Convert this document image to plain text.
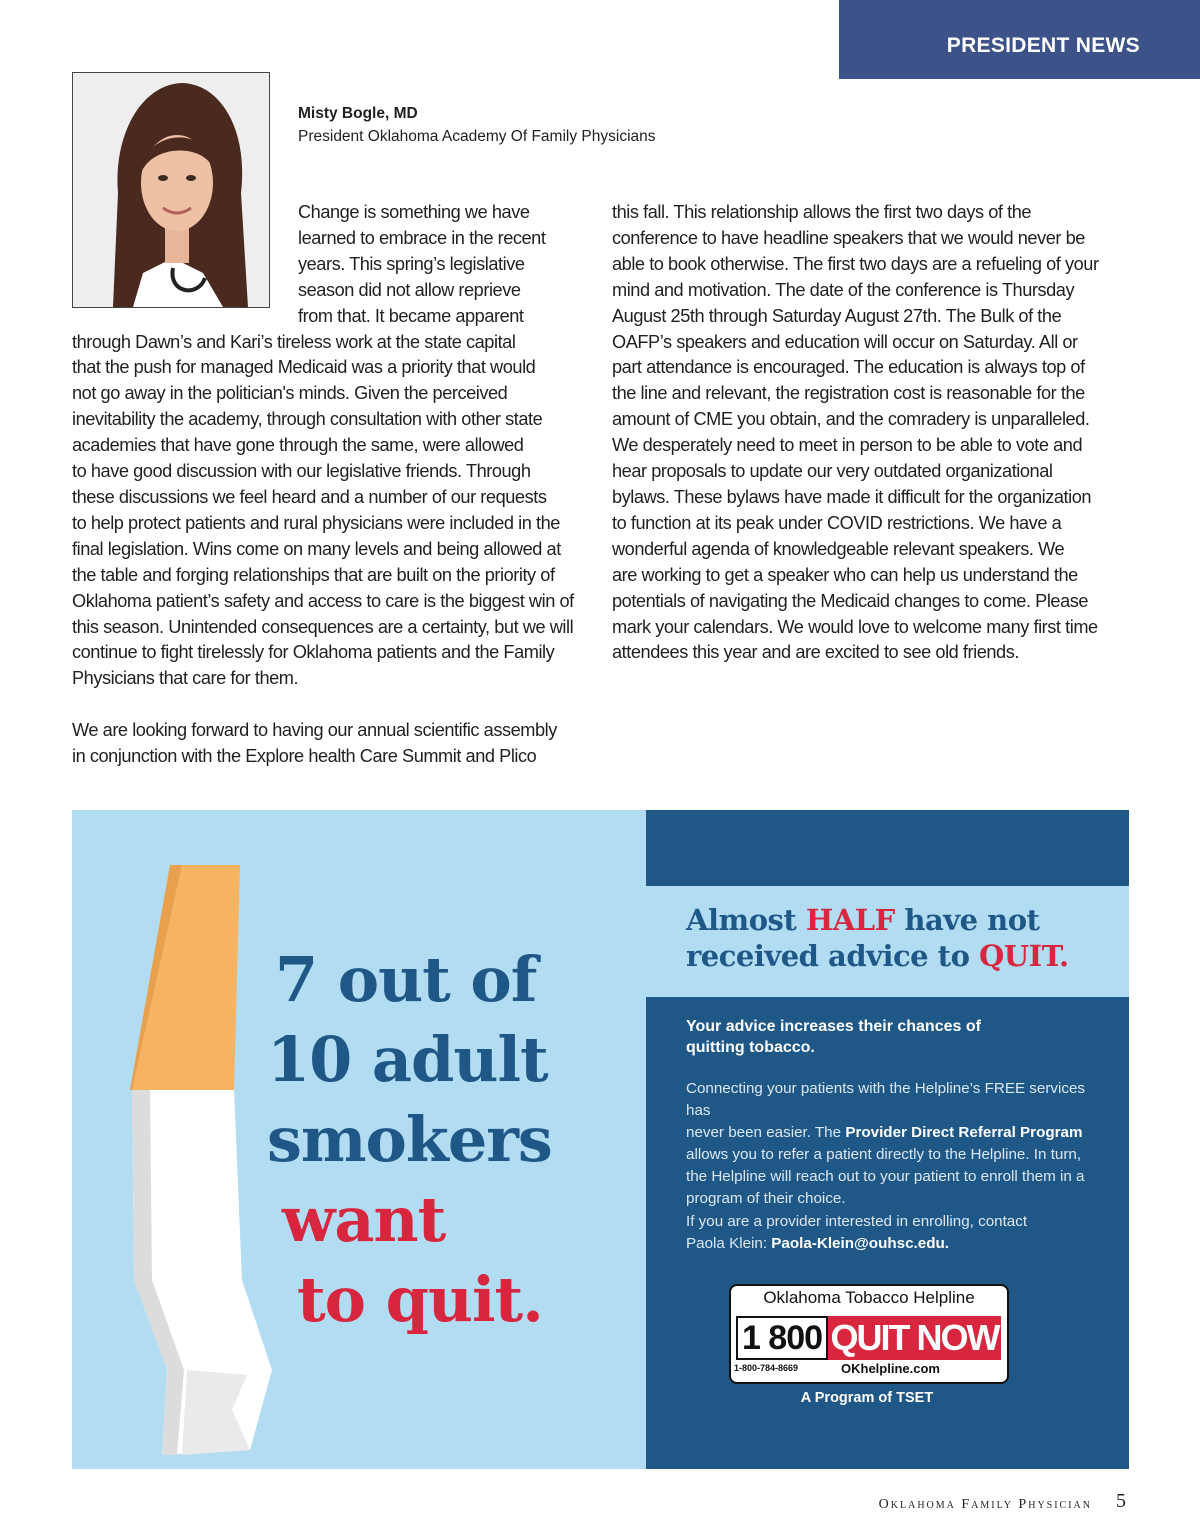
PRESIDENT NEWS
Misty Bogle, MD
President Oklahoma Academy Of Family Physicians
Change is something we have
learned to embrace in the recent
years. This spring’s legislative
season did not allow reprieve
from that. It became apparent
through Dawn’s and Kari’s tireless work at the state capital
that the push for managed Medicaid was a priority that would
not go away in the politician's minds. Given the perceived
inevitability the academy, through consultation with other state
academies that have gone through the same, were allowed
to have good discussion with our legislative friends. Through
these discussions we feel heard and a number of our requests
to help protect patients and rural physicians were included in the
final legislation. Wins come on many levels and being allowed at
the table and forging relationships that are built on the priority of
Oklahoma patient’s safety and access to care is the biggest win of
this season. Unintended consequences are a certainty, but we will
continue to fight tirelessly for Oklahoma patients and the Family
Physicians that care for them.
We are looking forward to having our annual scientific assembly
in conjunction with the Explore health Care Summit and Plico
this fall. This relationship allows the first two days of the
conference to have headline speakers that we would never be
able to book otherwise. The first two days are a refueling of your
mind and motivation. The date of the conference is Thursday
August 25th through Saturday August 27th. The Bulk of the
OAFP’s speakers and education will occur on Saturday. All or
part attendance is encouraged. The education is always top of
the line and relevant, the registration cost is reasonable for the
amount of CME you obtain, and the comradery is unparalleled.
We desperately need to meet in person to be able to vote and
hear proposals to update our very outdated organizational
bylaws. These bylaws have made it difficult for the organization
to function at its peak under COVID restrictions. We have a
wonderful agenda of knowledgeable relevant speakers. We
are working to get a speaker who can help us understand the
potentials of navigating the Medicaid changes to come. Please
mark your calendars. We would love to welcome many first time
attendees this year and are excited to see old friends.
7 out of
10 adult
smokers
want
to quit.
Almost HALF have not
received advice to QUIT.
Your advice increases their chances of
quitting tobacco.
Connecting your patients with the Helpline’s FREE services has
never been easier. The Provider Direct Referral Program
allows you to refer a patient directly to the Helpline. In turn,
the Helpline will reach out to your patient to enroll them in a
program of their choice.
If you are a provider interested in enrolling, contact
Paola Klein: Paola-Klein@ouhsc.edu.
Oklahoma Tobacco Helpline
1 800 QUIT NOW
1-800-784-8669	OKhelpline.com
A Program of TSET
Oklahoma Family Physician 5
